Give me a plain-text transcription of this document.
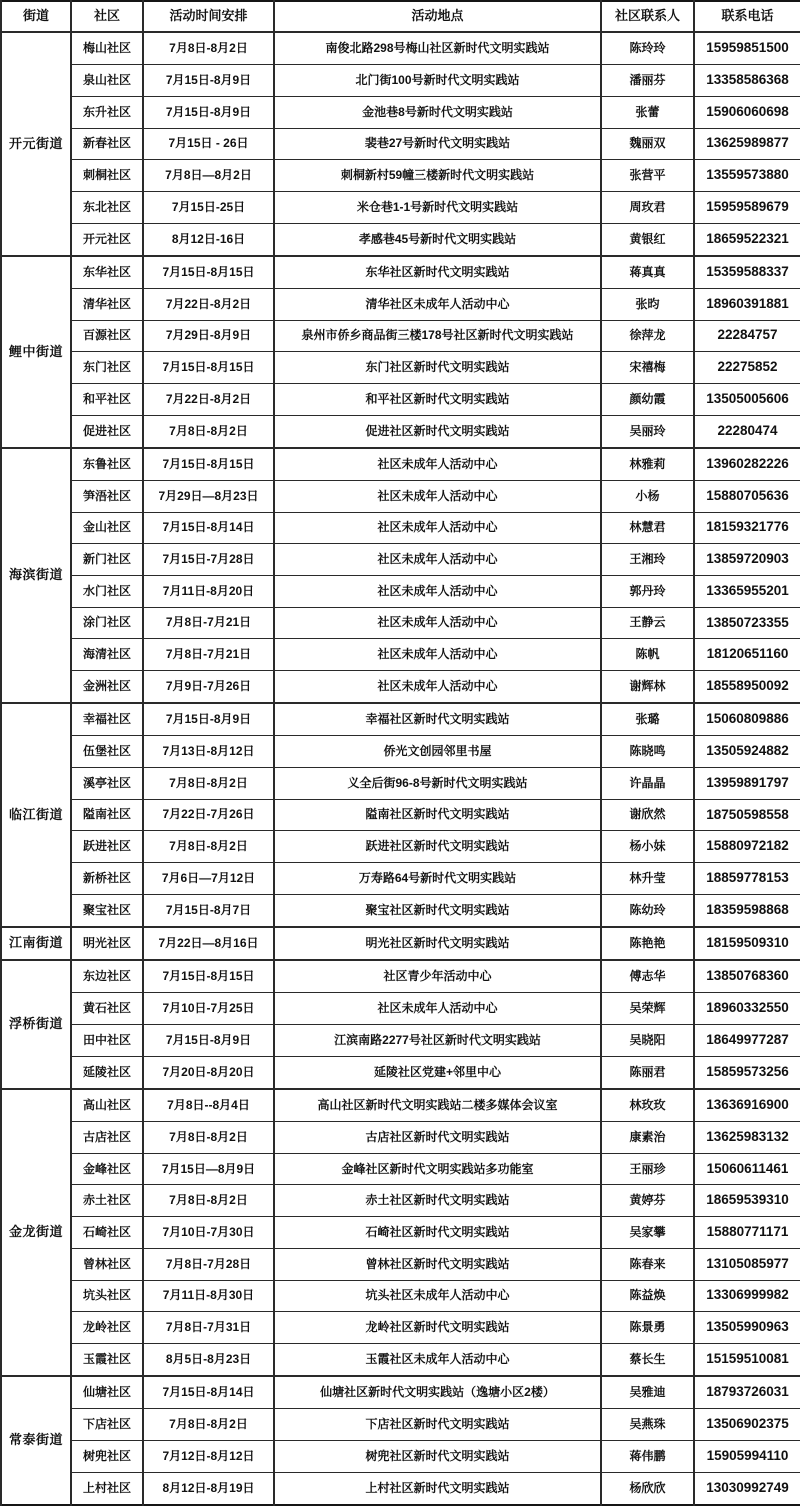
街道	社区	活动时间安排	活动地点	社区联系人	联系电话
开元街道	梅山社区	7月8日-8月2日	南俊北路298号梅山社区新时代文明实践站	陈玲玲	15959851500
	泉山社区	7月15日-8月9日	北门街100号新时代文明实践站	潘丽芬	13358586368
	东升社区	7月15日-8月9日	金池巷8号新时代文明实践站	张蕾	15906060698
	新春社区	7月15日 - 26日	裴巷27号新时代文明实践站	魏丽双	13625989877
	刺桐社区	7月8日—8月2日	刺桐新村59幢三楼新时代文明实践站	张营平	13559573880
	东北社区	7月15日-25日	米仓巷1-1号新时代文明实践站	周玫君	15959589679
	开元社区	8月12日-16日	孝感巷45号新时代文明实践站	黄银红	18659522321
鲤中街道	东华社区	7月15日-8月15日	东华社区新时代文明实践站	蒋真真	15359588337
	清华社区	7月22日-8月2日	清华社区未成年人活动中心	张昀	18960391881
	百源社区	7月29日-8月9日	泉州市侨乡商品街三楼178号社区新时代文明实践站	徐萍龙	22284757
	东门社区	7月15日-8月15日	东门社区新时代文明实践站	宋禧梅	22275852
	和平社区	7月22日-8月2日	和平社区新时代文明实践站	颜幼霞	13505005606
	促进社区	7月8日-8月2日	促进社区新时代文明实践站	吴丽玲	22280474
海滨街道	东鲁社区	7月15日-8月15日	社区未成年人活动中心	林雅莉	13960282226
	笋浯社区	7月29日—8月23日	社区未成年人活动中心	小杨	15880705636
	金山社区	7月15日-8月14日	社区未成年人活动中心	林慧君	18159321776
	新门社区	7月15日-7月28日	社区未成年人活动中心	王湘玲	13859720903
	水门社区	7月11日-8月20日	社区未成年人活动中心	郭丹玲	13365955201
	涂门社区	7月8日-7月21日	社区未成年人活动中心	王静云	13850723355
	海清社区	7月8日-7月21日	社区未成年人活动中心	陈帆	18120651160
	金洲社区	7月9日-7月26日	社区未成年人活动中心	谢辉林	18558950092
临江街道	幸福社区	7月15日-8月9日	幸福社区新时代文明实践站	张璐	15060809886
	伍堡社区	7月13日-8月12日	侨光文创园邻里书屋	陈晓鸣	13505924882
	溪亭社区	7月8日-8月2日	义全后街96-8号新时代文明实践站	许晶晶	13959891797
	隘南社区	7月22日-7月26日	隘南社区新时代文明实践站	谢欣然	18750598558
	跃进社区	7月8日-8月2日	跃进社区新时代文明实践站	杨小妹	15880972182
	新桥社区	7月6日—7月12日	万寿路64号新时代文明实践站	林升莹	18859778153
	聚宝社区	7月15日-8月7日	聚宝社区新时代文明实践站	陈幼玲	18359598868
江南街道	明光社区	7月22日—8月16日	明光社区新时代文明实践站	陈艳艳	18159509310
浮桥街道	东边社区	7月15日-8月15日	社区青少年活动中心	傅志华	13850768360
	黄石社区	7月10日-7月25日	社区未成年人活动中心	吴荣辉	18960332550
	田中社区	7月15日-8月9日	江滨南路2277号社区新时代文明实践站	吴晓阳	18649977287
	延陵社区	7月20日-8月20日	延陵社区党建+邻里中心	陈丽君	15859573256
金龙街道	高山社区	7月8日--8月4日	高山社区新时代文明实践站二楼多媒体会议室	林玫玫	13636916900
	古店社区	7月8日-8月2日	古店社区新时代文明实践站	康素治	13625983132
	金峰社区	7月15日—8月9日	金峰社区新时代文明实践站多功能室	王丽珍	15060611461
	赤土社区	7月8日-8月2日	赤土社区新时代文明实践站	黄婷芬	18659539310
	石崎社区	7月10日-7月30日	石崎社区新时代文明实践站	吴家攀	15880771171
	曾林社区	7月8日-7月28日	曾林社区新时代文明实践站	陈春来	13105085977
	坑头社区	7月11日-8月30日	坑头社区未成年人活动中心	陈益焕	13306999982
	龙岭社区	7月8日-7月31日	龙岭社区新时代文明实践站	陈景勇	13505990963
	玉霞社区	8月5日-8月23日	玉霞社区未成年人活动中心	蔡长生	15159510081
常泰街道	仙塘社区	7月15日-8月14日	仙塘社区新时代文明实践站（逸塘小区2楼）	吴雅迪	18793726031
	下店社区	7月8日-8月2日	下店社区新时代文明实践站	吴燕珠	13506902375
	树兜社区	7月12日-8月12日	树兜社区新时代文明实践站	蒋伟鹏	15905994110
	上村社区	8月12日-8月19日	上村社区新时代文明实践站	杨欣欣	13030992749
